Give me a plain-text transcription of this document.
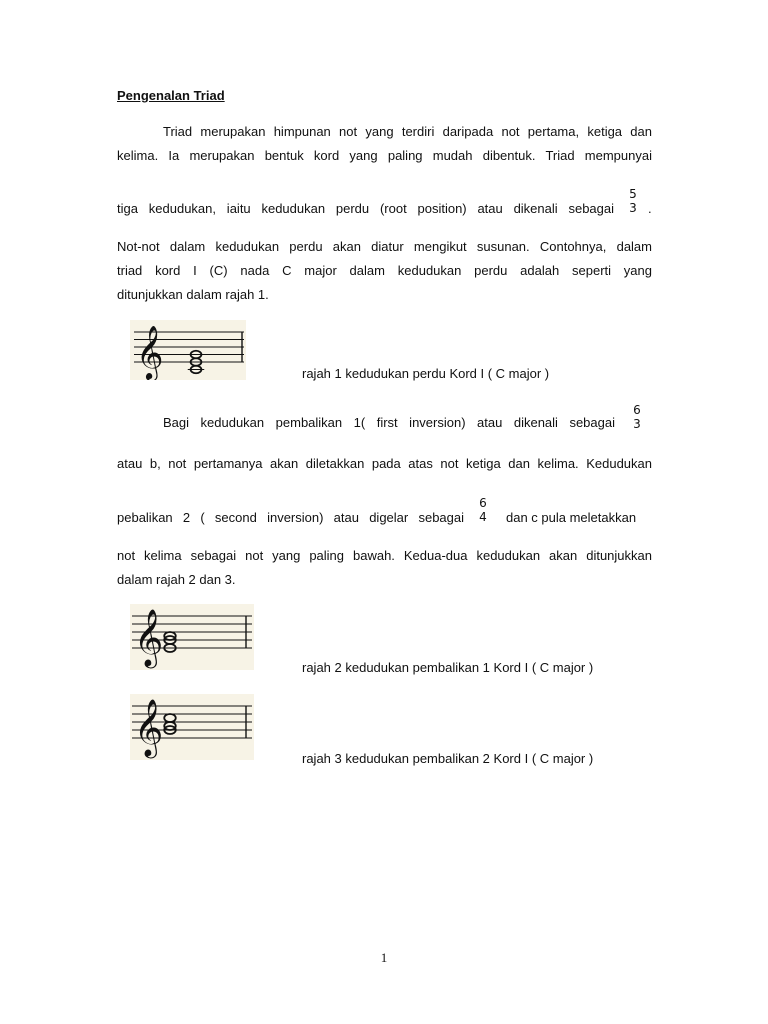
Pengenalan Triad
Triad merupakan himpunan not yang terdiri daripada not pertama, ketiga dan
kelima. Ia merupakan bentuk kord yang paling mudah dibentuk. Triad mempunyai
tiga kedudukan, iaitu kedudukan perdu (root position) atau dikenali sebagai
5
3 .
Not-not dalam kedudukan perdu akan diatur mengikut susunan. Contohnya, dalam
triad kord I (C) nada C major dalam kedudukan perdu adalah seperti yang
ditunjukkan dalam rajah 1.
𝄞	rajah 1 kedudukan perdu Kord I ( C major )
Bagi kedudukan pembalikan 1( first inversion) atau dikenali sebagai
6
3
atau b, not pertamanya akan diletakkan pada atas not ketiga dan kelima. Kedudukan
pebalikan 2 ( second inversion) atau digelar sebagai
6
4 dan c pula meletakkan
not kelima sebagai not yang paling bawah. Kedua-dua kedudukan akan ditunjukkan
dalam rajah 2 dan 3.
𝄞
rajah 2 kedudukan pembalikan 1 Kord I ( C major )
𝄞
rajah 3 kedudukan pembalikan 2 Kord I ( C major )
1
